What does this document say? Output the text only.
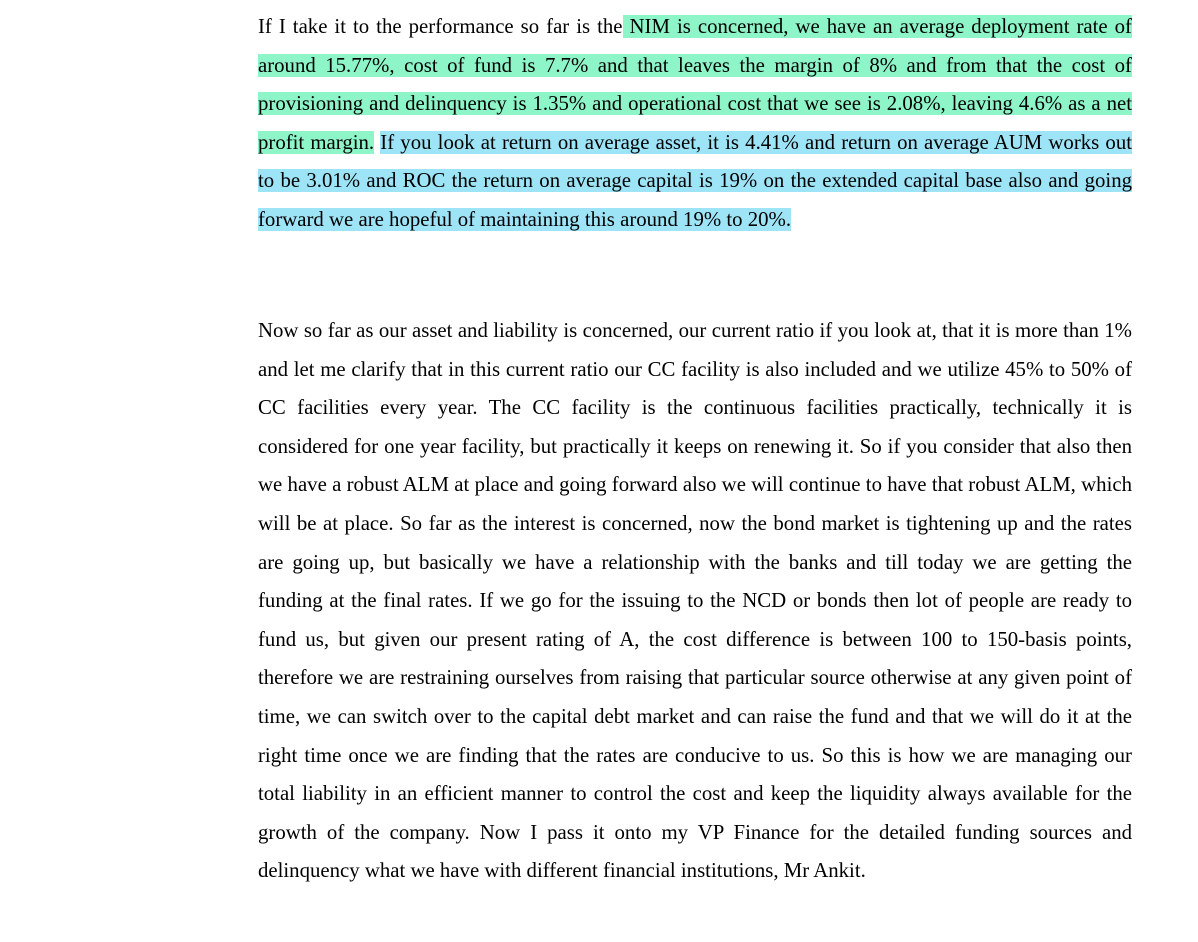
If I take it to the performance so far is the NIM is concerned, we have an average deployment rate of around 15.77%, cost of fund is 7.7% and that leaves the margin of 8% and from that the cost of provisioning and delinquency is 1.35% and operational cost that we see is 2.08%, leaving 4.6% as a net profit margin. If you look at return on average asset, it is 4.41% and return on average AUM works out to be 3.01% and ROC the return on average capital is 19% on the extended capital base also and going forward we are hopeful of maintaining this around 19% to 20%.

Now so far as our asset and liability is concerned, our current ratio if you look at, that it is more than 1% and let me clarify that in this current ratio our CC facility is also included and we utilize 45% to 50% of CC facilities every year. The CC facility is the continuous facilities practically, technically it is considered for one year facility, but practically it keeps on renewing it. So if you consider that also then we have a robust ALM at place and going forward also we will continue to have that robust ALM, which will be at place. So far as the interest is concerned, now the bond market is tightening up and the rates are going up, but basically we have a relationship with the banks and till today we are getting the funding at the final rates. If we go for the issuing to the NCD or bonds then lot of people are ready to fund us, but given our present rating of A, the cost difference is between 100 to 150-basis points, therefore we are restraining ourselves from raising that particular source otherwise at any given point of time, we can switch over to the capital debt market and can raise the fund and that we will do it at the right time once we are finding that the rates are conducive to us. So this is how we are managing our total liability in an efficient manner to control the cost and keep the liquidity always available for the growth of the company. Now I pass it onto my VP Finance for the detailed funding sources and delinquency what we have with different financial institutions, Mr Ankit.
